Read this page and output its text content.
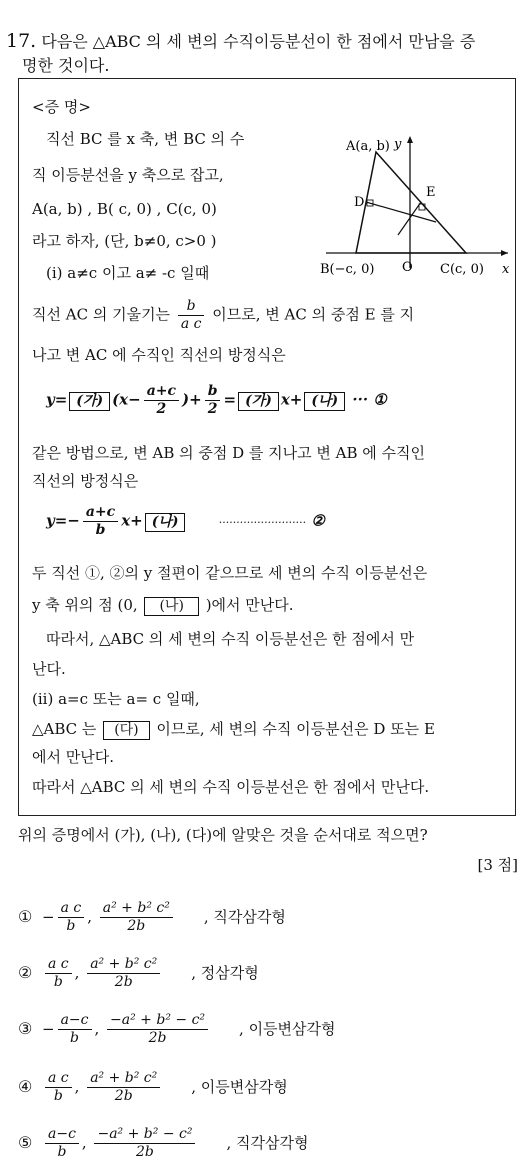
17. 다음은 △ABC 의 세 변의 수직이등분선이 한 점에서 만남을 증
명한 것이다.
<증 명>
직선 BC 를 x 축, 변 BC 의 수
직 이등분선을 y 축으로 잡고,
A(a, b) , B( c, 0) , C(c, 0)
라고 하자, (단, b≠0, c>0 )
(i) a≠c 이고 a≠ -c 일때
y
A(a, b)
D
E
B(−c, 0) O C(c, 0) x
직선 AC 의 기울기는 $\frac{b}{\text{a c}}$ 이므로, 변 AC 의 중점 E 를 지
나고 변 AC 에 수직인 직선의 방정식은
y= (가) ($x- \frac{a+c}{2}$ )+ $\frac{b}{2}$ = (가) x+ (나) ··· ①
같은 방법으로, 변 AB 의 중점 D 를 지나고 변 AB 에 수직인
직선의 방정식은
$y=- \frac{a+c}{b} x+$ (나)	························· ②
두 직선 ①, ②의 y 절편이 같으므로 세 변의 수직 이등분선은
y 축 위의 점 (0, (나) )에서 만난다.
따라서, △ABC 의 세 변의 수직 이등분선은 한 점에서 만
난다.
(ii) a=c 또는 a= c 일때,
△ABC 는 (다) 이므로, 세 변의 수직 이등분선은 D 또는 E
에서 만난다.
따라서 △ABC 의 세 변의 수직 이등분선은 한 점에서 만난다.
위의 증명에서 (가), (나), (다)에 알맞은 것을 순서대로 적으면?
[3 점]
① − $\frac{\text{a c}}{b}$ , $\frac{\text{a² + b² c²}}{2b}$ , 직각삼각형
② $\frac{\text{a c}}{b}$ , $\frac{\text{a² + b² c²}}{2b}$ , 정삼각형
③ − $\frac{a-c}{b}$ , $\frac{\text{−a² + b² − c²}}{2b}$ , 이등변삼각형
④ $\frac{\text{a c}}{b}$ , $\frac{\text{a² + b² c²}}{2b}$ , 이등변삼각형
⑤ $\frac{a-c}{b}$ , $\frac{\text{−a² + b² − c²}}{2b}$ , 직각삼각형
